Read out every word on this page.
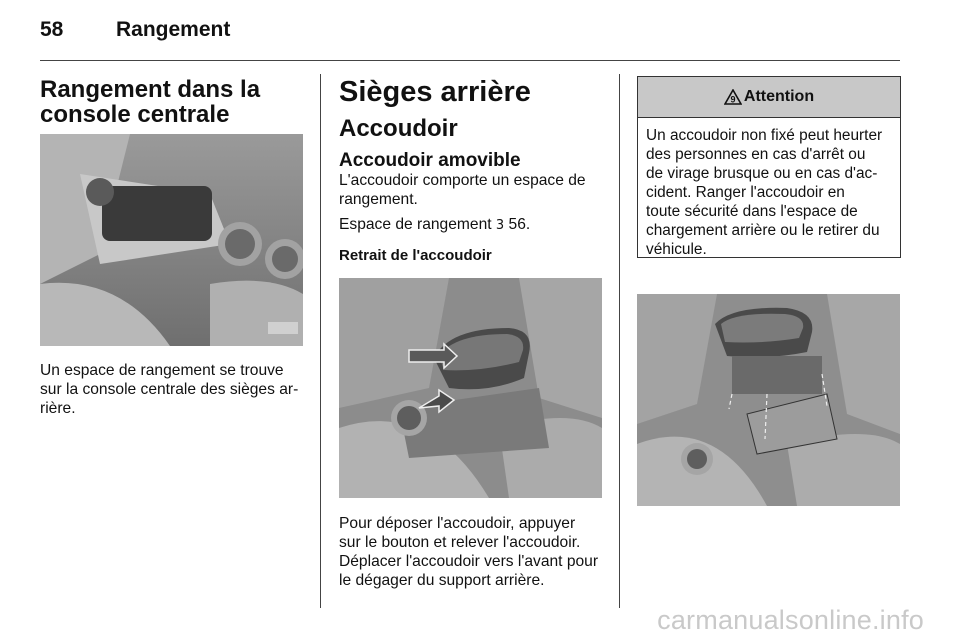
58	Rangement
Rangement dans la
console centrale

Un espace de rangement se trouve

sur la console centrale des sièges ar-

rière.

Sièges arrière
Accoudoir
Accoudoir amovible

L'accoudoir comporte un espace de

rangement.

Espace de rangement 3 56.

Retrait de l'accoudoir

Pour déposer l'accoudoir, appuyer

sur le bouton et relever l'accoudoir.

Déplacer l'accoudoir vers l'avant pour

le dégager du support arrière.

9 Attention
Un accoudoir non fixé peut heurter
des personnes en cas d'arrêt ou
de virage brusque ou en cas d'ac-
cident. Ranger l'accoudoir en
toute sécurité dans l'espace de
chargement arrière ou le retirer du
véhicule.
carmanualsonline.info
